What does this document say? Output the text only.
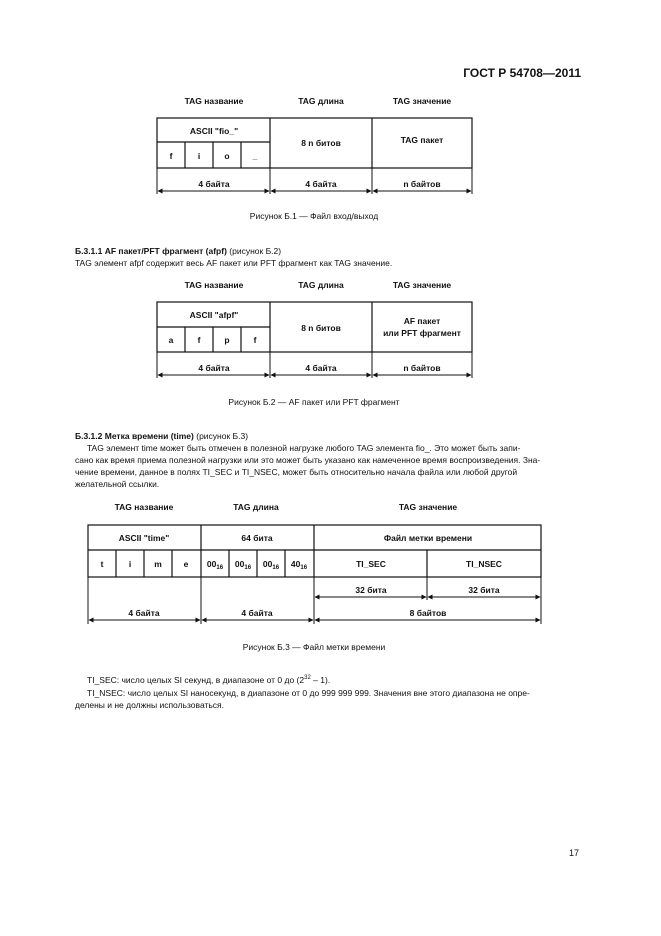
ГОСТ Р 54708—2011
TAG название	TAG длина	TAG значение
ASCII "fio_"
f	i	o	_
8 n битов	TAG пакет
4 байта	4 байта	n байтов
Рисунок Б.1 — Файл вход/выход
Б.3.1.1 AF пакет/PFT фрагмент (afpf) (рисунок Б.2)
TAG элемент afpf содержит весь AF пакет или PFT фрагмент как TAG значение.
TAG название	TAG длина	TAG значение
ASCII "afpf"
a	f	p	f
8 n битов
AF пакет
или PFT фрагмент
4 байта	4 байта	n байтов
Рисунок Б.2 — AF пакет или PFT фрагмент
Б.3.1.2 Метка времени (time) (рисунок Б.3)
TAG элемент time может быть отмечен в полезной нагрузке любого TAG элемента fio_. Это может быть запи-
сано как время приема полезной нагрузки или это может быть указано как намеченное время воспроизведения. Зна-
чение времени, данное в полях TI_SEC и TI_NSEC, может быть относительно начала файла или любой другой
желательной ссылки.
TAG название	TAG длина	TAG значение
ASCII "time"
t	i	m	e
64 бита
$00_{16}$ $00_{16}$ $00_{16}$ $40_{16}$
Файл метки времени
TI_SEC	TI_NSEC
32 бита	32 бита
4 байта	4 байта	8 байтов
Рисунок Б.3 — Файл метки времени
TI_SEC: число целых SI секунд, в диапазоне от 0 до $(2^{32} - 1)$.
TI_NSEC: число целых SI наносекунд, в диапазоне от 0 до 999 999 999. Значения вне этого диапазона не опре-
делены и не должны использоваться.
17
